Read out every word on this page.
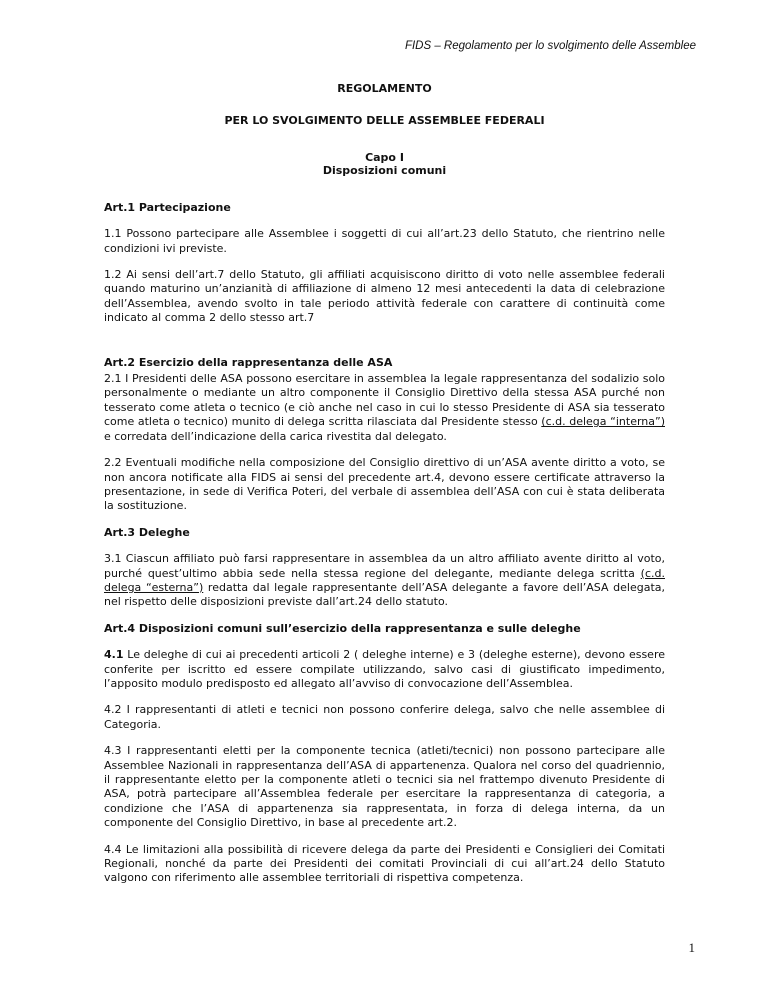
FIDS – Regolamento per lo svolgimento delle Assemblee
REGOLAMENTO
PER LO SVOLGIMENTO DELLE ASSEMBLEE FEDERALI
Capo I
Disposizioni comuni
Art.1 Partecipazione

1.1 Possono partecipare alle Assemblee i soggetti di cui all’art.23 dello Statuto, che rientrino nelle condizioni ivi previste.

1.2 Ai sensi dell’art.7 dello Statuto, gli affiliati acquisiscono diritto di voto nelle assemblee federali quando maturino un’anzianità di affiliazione di almeno 12 mesi antecedenti la data di celebrazione dell’Assemblea, avendo svolto in tale periodo attività federale con carattere di continuità come indicato al comma 2 dello stesso art.7

Art.2 Esercizio della rappresentanza delle ASA

2.1 I Presidenti delle ASA possono esercitare in assemblea la legale rappresentanza del sodalizio solo personalmente o mediante un altro componente il Consiglio Direttivo della stessa ASA purché non tesserato come atleta o tecnico (e ciò anche nel caso in cui lo stesso Presidente di ASA sia tesserato come atleta o tecnico) munito di delega scritta rilasciata dal Presidente stesso (c.d. delega “interna”) e corredata dell’indicazione della carica rivestita dal delegato.

2.2 Eventuali modifiche nella composizione del Consiglio direttivo di un’ASA avente diritto a voto, se non ancora notificate alla FIDS ai sensi del precedente art.4, devono essere certificate attraverso la presentazione, in sede di Verifica Poteri, del verbale di assemblea dell’ASA con cui è stata deliberata la sostituzione.

Art.3 Deleghe

3.1 Ciascun affiliato può farsi rappresentare in assemblea da un altro affiliato avente diritto al voto, purché quest’ultimo abbia sede nella stessa regione del delegante, mediante delega scritta (c.d. delega “esterna”) redatta dal legale rappresentante dell’ASA delegante a favore dell’ASA delegata, nel rispetto delle disposizioni previste dall’art.24 dello statuto.

Art.4 Disposizioni comuni sull’esercizio della rappresentanza e sulle deleghe

4.1 Le deleghe di cui ai precedenti articoli 2 ( deleghe interne) e 3 (deleghe esterne), devono essere conferite per iscritto ed essere compilate utilizzando, salvo casi di giustificato impedimento, l’apposito modulo predisposto ed allegato all’avviso di convocazione dell’Assemblea.

4.2 I rappresentanti di atleti e tecnici non possono conferire delega, salvo che nelle assemblee di Categoria.

4.3 I rappresentanti eletti per la componente tecnica (atleti/tecnici) non possono partecipare alle Assemblee Nazionali in rappresentanza dell’ASA di appartenenza. Qualora nel corso del quadriennio, il rappresentante eletto per la componente atleti o tecnici sia nel frattempo divenuto Presidente di ASA, potrà partecipare all’Assemblea federale per esercitare la rappresentanza di categoria, a condizione che l’ASA di appartenenza sia rappresentata, in forza di delega interna, da un componente del Consiglio Direttivo, in base al precedente art.2.

4.4 Le limitazioni alla possibilità di ricevere delega da parte dei Presidenti e Consiglieri dei Comitati Regionali, nonché da parte dei Presidenti dei comitati Provinciali di cui all’art.24 dello Statuto valgono con riferimento alle assemblee territoriali di rispettiva competenza.

1
